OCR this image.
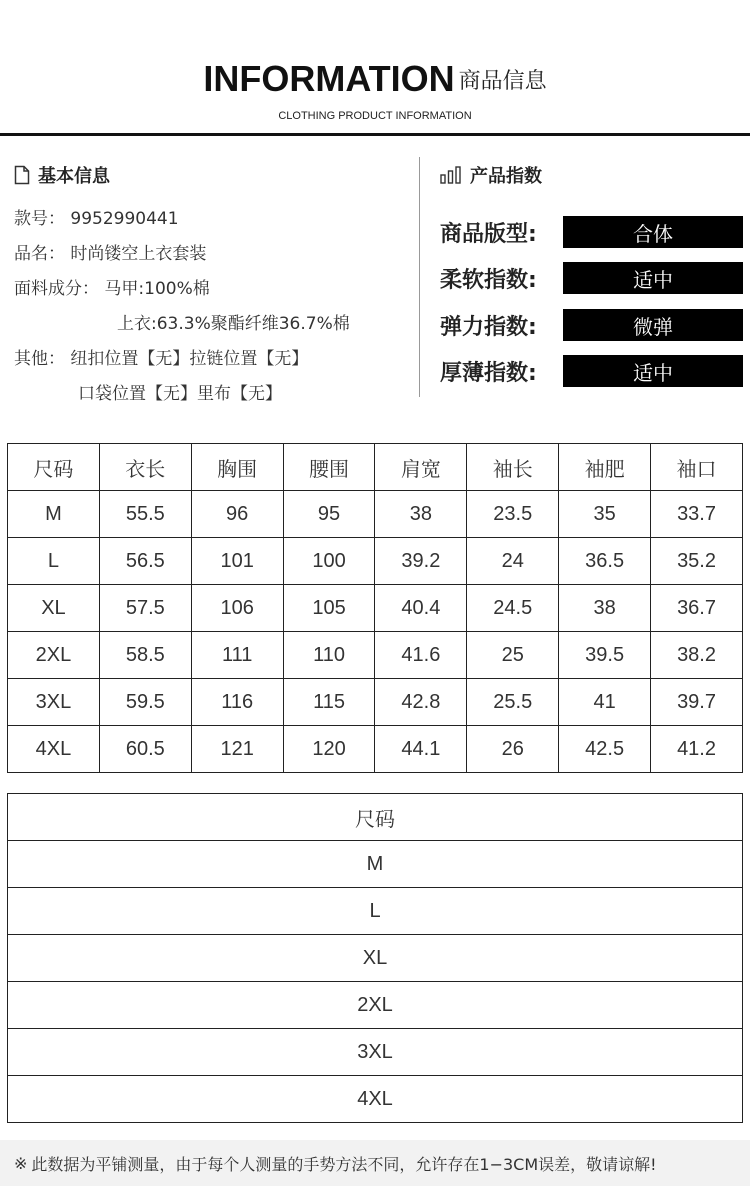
INFORMATION 商品信息
CLOTHING PRODUCT INFORMATION
基本信息
款号： 9952990441
品名： 时尚镂空上衣套装
面料成分： 马甲:100%棉
上衣:63.3%聚酯纤维36.7%棉
其他： 纽扣位置【无】拉链位置【无】
口袋位置【无】里布【无】
产品指数
商品版型:	合体
柔软指数:	适中
弹力指数:	微弹
厚薄指数:	适中
尺码	衣长	胸围	腰围	肩宽	袖长	袖肥	袖口
M	55.5	96	95	38	23.5	35	33.7
L	56.5	101	100	39.2	24	36.5	35.2
XL	57.5	106	105	40.4	24.5	38	36.7
2XL	58.5	111	110	41.6	25	39.5	38.2
3XL	59.5	116	115	42.8	25.5	41	39.7
4XL	60.5	121	120	44.1	26	42.5	41.2
尺码
M
L
XL
2XL
3XL
4XL
※ 此数据为平铺测量，由于每个人测量的手势方法不同，允许存在1−3CM误差，敬请谅解!
